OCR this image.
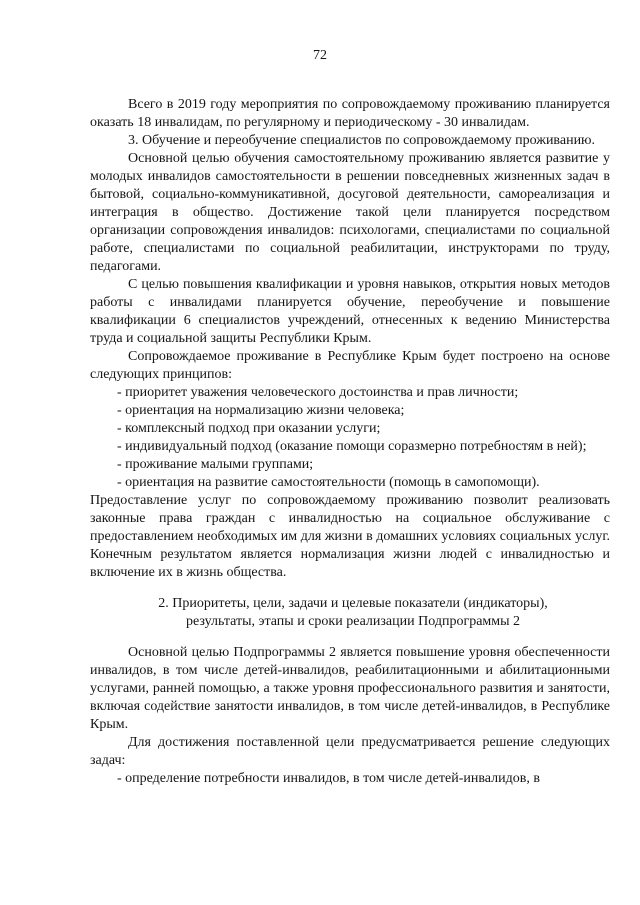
72

Всего в 2019 году мероприятия по сопровождаемому проживанию планируется оказать 18 инвалидам, по регулярному и периодическому - 30 инвалидам.

3. Обучение и переобучение специалистов по сопровождаемому проживанию.

Основной целью обучения самостоятельному проживанию является развитие у молодых инвалидов самостоятельности в решении повседневных жизненных задач в бытовой, социально-коммуникативной, досуговой деятельности, самореализация и интеграция в общество. Достижение такой цели планируется посредством организации сопровождения инвалидов: психологами, специалистами по социальной работе, специалистами по социальной реабилитации, инструкторами по труду, педагогами.

С целью повышения квалификации и уровня навыков, открытия новых методов работы с инвалидами планируется обучение, переобучение и повышение квалификации 6 специалистов учреждений, отнесенных к ведению Министерства труда и социальной защиты Республики Крым.

Сопровождаемое проживание в Республике Крым будет построено на основе следующих принципов:

- приоритет уважения человеческого достоинства и прав личности;
- ориентация на нормализацию жизни человека;
- комплексный подход при оказании услуги;
- индивидуальный подход (оказание помощи соразмерно потребностям в ней);
- проживание малыми группами;
- ориентация на развитие самостоятельности (помощь в самопомощи).

Предоставление услуг по сопровождаемому проживанию позволит реализовать законные права граждан с инвалидностью на социальное обслуживание с предоставлением необходимых им для жизни в домашних условиях социальных услуг. Конечным результатом является нормализация жизни людей с инвалидностью и включение их в жизнь общества.

2. Приоритеты, цели, задачи и целевые показатели (индикаторы),
результаты, этапы и сроки реализации Подпрограммы 2

Основной целью Подпрограммы 2 является повышение уровня обеспеченности инвалидов, в том числе детей-инвалидов, реабилитационными и абилитационными услугами, ранней помощью, а также уровня профессионального развития и занятости, включая содействие занятости инвалидов, в том числе детей-инвалидов, в Республике Крым.

Для достижения поставленной цели предусматривается решение следующих задач:

- определение потребности инвалидов, в том числе детей-инвалидов, в
